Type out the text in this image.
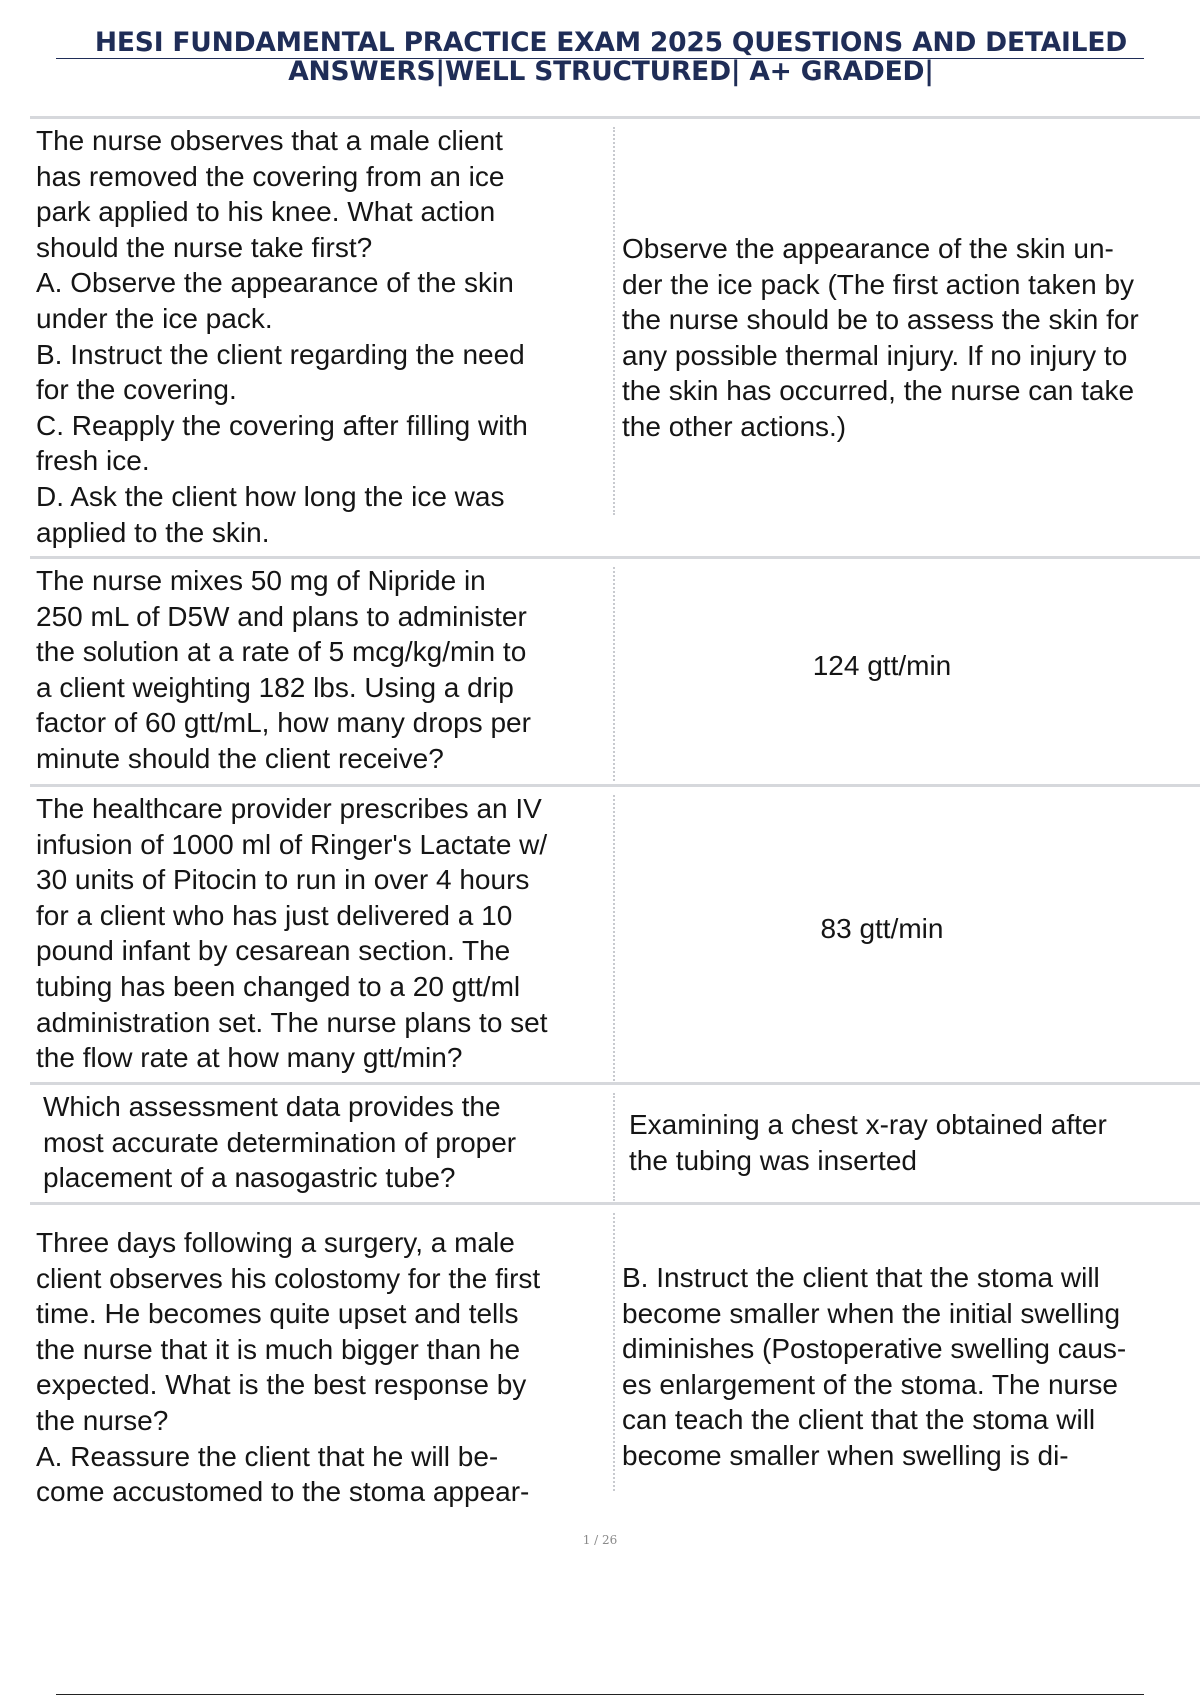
HESI FUNDAMENTAL PRACTICE EXAM 2025 QUESTIONS AND DETAILED
ANSWERS|WELL STRUCTURED| A+ GRADED|
The nurse observes that a male client
has removed the covering from an ice
park applied to his knee. What action
should the nurse take first?
A. Observe the appearance of the skin
under the ice pack.
B. Instruct the client regarding the need
for the covering.
C. Reapply the covering after filling with
fresh ice.
D. Ask the client how long the ice was
applied to the skin.
Observe the appearance of the skin un-
der the ice pack (The first action taken by
the nurse should be to assess the skin for
any possible thermal injury. If no injury to
the skin has occurred, the nurse can take
the other actions.)
The nurse mixes 50 mg of Nipride in
250 mL of D5W and plans to administer
the solution at a rate of 5 mcg/kg/min to
a client weighting 182 lbs. Using a drip
factor of 60 gtt/mL, how many drops per
minute should the client receive?
124 gtt/min
The healthcare provider prescribes an IV
infusion of 1000 ml of Ringer's Lactate w/
30 units of Pitocin to run in over 4 hours
for a client who has just delivered a 10
pound infant by cesarean section. The
tubing has been changed to a 20 gtt/ml
administration set. The nurse plans to set
the flow rate at how many gtt/min?
83 gtt/min
Which assessment data provides the
most accurate determination of proper
placement of a nasogastric tube?
Examining a chest x-ray obtained after
the tubing was inserted
Three days following a surgery, a male
client observes his colostomy for the first
time. He becomes quite upset and tells
the nurse that it is much bigger than he
expected. What is the best response by
the nurse?
A. Reassure the client that he will be-
come accustomed to the stoma appear-
B. Instruct the client that the stoma will
become smaller when the initial swelling
diminishes (Postoperative swelling caus-
es enlargement of the stoma. The nurse
can teach the client that the stoma will
become smaller when swelling is di-
1 / 26
